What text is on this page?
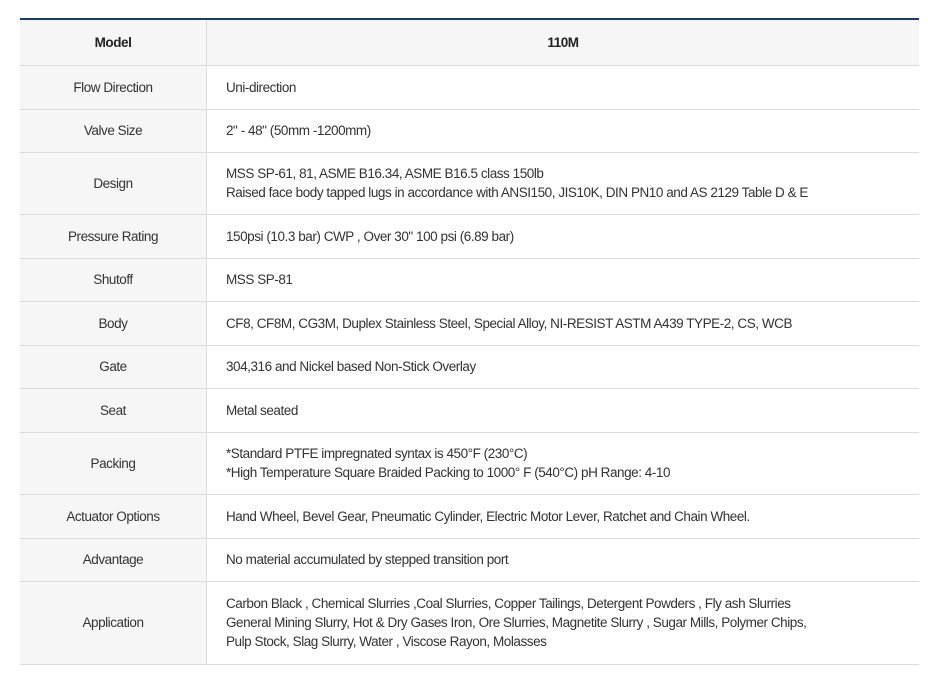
Model	110M
Flow Direction	Uni-direction

Valve Size	2" - 48" (50mm -1200mm)

Design	MSS SP-61, 81, ASME B16.34, ASME B16.5 class 150lb
Raised face body tapped lugs in accordance with ANSI150, JIS10K, DIN PN10 and AS 2129 Table D & E

Pressure Rating	150psi (10.3 bar) CWP , Over 30" 100 psi (6.89 bar)

Shutoff	MSS SP-81

Body	CF8, CF8M, CG3M, Duplex Stainless Steel, Special Alloy, NI-RESIST ASTM A439 TYPE-2, CS, WCB

Gate	304,316 and Nickel based Non-Stick Overlay

Seat	Metal seated

Packing	*Standard PTFE impregnated syntax is 450°F (230°C)
*High Temperature Square Braided Packing to 1000° F (540°C) pH Range: 4-10

Actuator Options	Hand Wheel, Bevel Gear, Pneumatic Cylinder, Electric Motor Lever, Ratchet and Chain Wheel.

Advantage	No material accumulated by stepped transition port

Application	Carbon Black , Chemical Slurries ,Coal Slurries, Copper Tailings, Detergent Powders , Fly ash Slurries
General Mining Slurry, Hot & Dry Gases Iron, Ore Slurries, Magnetite Slurry , Sugar Mills, Polymer Chips,
Pulp Stock, Slag Slurry, Water , Viscose Rayon, Molasses
